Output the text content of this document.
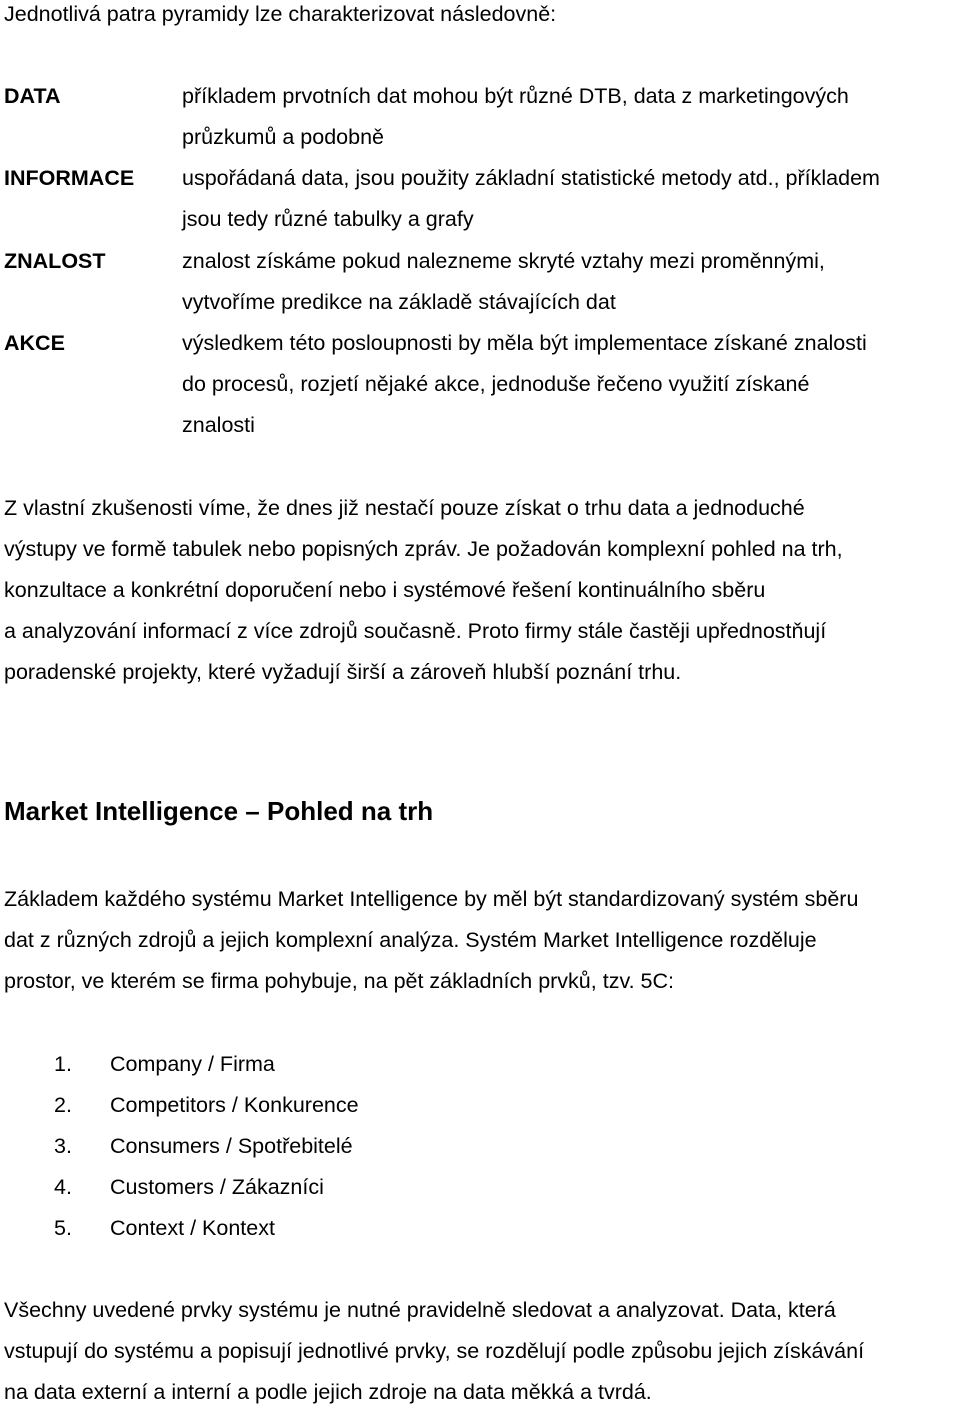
Jednotlivá patra pyramidy lze charakterizovat následovně:
DATA	příkladem prvotních dat mohou být různé DTB, data z marketingových
průzkumů a podobně
INFORMACE uspořádaná data, jsou použity základní statistické metody atd., příkladem
jsou tedy různé tabulky a grafy
ZNALOST	znalost získáme pokud nalezneme skryté vztahy mezi proměnnými,
vytvoříme predikce na základě stávajících dat
AKCE	výsledkem této posloupnosti by měla být implementace získané znalosti
do procesů, rozjetí nějaké akce, jednoduše řečeno využití získané
znalosti
Z vlastní zkušenosti víme, že dnes již nestačí pouze získat o trhu data a jednoduché
výstupy ve formě tabulek nebo popisných zpráv. Je požadován komplexní pohled na trh,
konzultace a konkrétní doporučení nebo i systémové řešení kontinuálního sběru
a analyzování informací z více zdrojů současně. Proto firmy stále častěji upřednostňují
poradenské projekty, které vyžadují širší a zároveň hlubší poznání trhu.
Market Intelligence – Pohled na trh
Základem každého systému Market Intelligence by měl být standardizovaný systém sběru
dat z různých zdrojů a jejich komplexní analýza. Systém Market Intelligence rozděluje
prostor, ve kterém se firma pohybuje, na pět základních prvků, tzv. 5C:
1. Company / Firma
2. Competitors / Konkurence
3. Consumers / Spotřebitelé
4. Customers / Zákazníci
5. Context / Kontext
Všechny uvedené prvky systému je nutné pravidelně sledovat a analyzovat. Data, která
vstupují do systému a popisují jednotlivé prvky, se rozdělují podle způsobu jejich získávání
na data externí a interní a podle jejich zdroje na data měkká a tvrdá.
